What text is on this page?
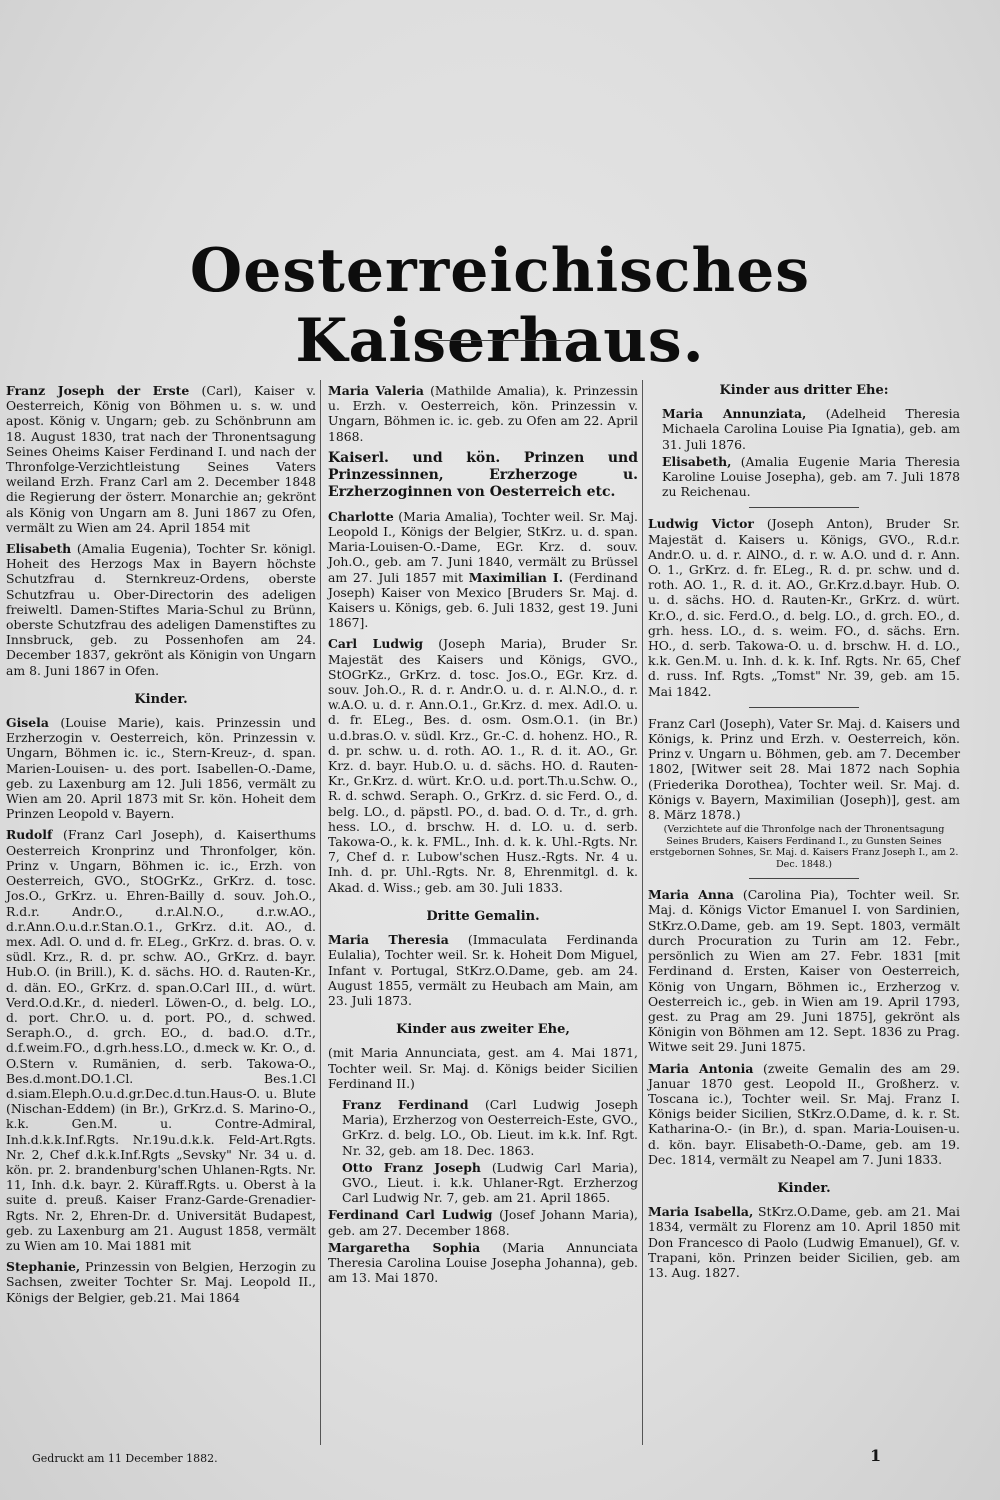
Oesterreichisches Kaiserhaus.
Franz Joseph der Erste (Carl), Kaiser v. Oesterreich, König von Böhmen u. s. w. und apost. König v. Ungarn; geb. zu Schönbrunn am 18. August 1830, trat nach der Thronentsagung Seines Oheims Kaiser Ferdinand I. und nach der Thronfolge-Verzichtleistung Seines Vaters weiland Erzh. Franz Carl am 2. December 1848 die Regierung der österr. Monarchie an; gekrönt als König von Ungarn am 8. Juni 1867 zu Ofen, vermält zu Wien am 24. April 1854 mit
Elisabeth (Amalia Eugenia), Tochter Sr. königl. Hoheit des Herzogs Max in Bayern höchste Schutzfrau d. Sternkreuz-Ordens, oberste Schutzfrau u. Ober-Directorin des adeligen freiweltl. Damen-Stiftes Maria-Schul zu Brünn, oberste Schutzfrau des adeligen Damenstiftes zu Innsbruck, geb. zu Possenhofen am 24. December 1837, gekrönt als Königin von Ungarn am 8. Juni 1867 in Ofen.
Kinder.
Gisela (Louise Marie), kais. Prinzessin und Erzherzogin v. Oesterreich, kön. Prinzessin v. Ungarn, Böhmen ic. ic., Stern-Kreuz-, d. span. Marien-Louisen- u. des port. Isabellen-O.-Dame, geb. zu Laxenburg am 12. Juli 1856, vermält zu Wien am 20. April 1873 mit Sr. kön. Hoheit dem Prinzen Leopold v. Bayern.
Rudolf (Franz Carl Joseph), d. Kaiserthums Oesterreich Kronprinz und Thronfolger, kön. Prinz v. Ungarn, Böhmen ic. ic., Erzh. von Oesterreich, GVO., StOGrKz., GrKrz. d. tosc. Jos.O., GrKrz. u. Ehren-Bailly d. souv. Joh.O., R.d.r. Andr.O., d.r.Al.N.O., d.r.w.AO., d.r.Ann.O.u.d.r.Stan.O.1., GrKrz. d.it. AO., d. mex. Adl. O. und d. fr. ELeg., GrKrz. d. bras. O. v. südl. Krz., R. d. pr. schw. AO., GrKrz. d. bayr. Hub.O. (in Brill.), K. d. sächs. HO. d. Rauten-Kr., d. dän. EO., GrKrz. d. span.O.Carl III., d. würt. Verd.O.d.Kr., d. niederl. Löwen-O., d. belg. LO., d. port. Chr.O. u. d. port. PO., d. schwed. Seraph.O., d. grch. EO., d. bad.O. d.Tr., d.f.weim.FO., d.grh.hess.LO., d.meck w. Kr. O., d. O.Stern v. Rumänien, d. serb. Takowa-O., Bes.d.mont.DO.1.Cl. Bes.1.Cl d.siam.Eleph.O.u.d.gr.Dec.d.tun.Haus-O. u. Blute (Nischan-Eddem) (in Br.), GrKrz.d. S. Marino-O., k.k. Gen.M. u. Contre-Admiral, Inh.d.k.k.Inf.Rgts. Nr.19u.d.k.k. Feld-Art.Rgts. Nr. 2, Chef d.k.k.Inf.Rgts „Sevsky" Nr. 34 u. d. kön. pr. 2. brandenburg'schen Uhlanen-Rgts. Nr. 11, Inh. d.k. bayr. 2. Küraff.Rgts. u. Oberst à la suite d. preuß. Kaiser Franz-Garde-Grenadier-Rgts. Nr. 2, Ehren-Dr. d. Universität Budapest, geb. zu Laxenburg am 21. August 1858, vermält zu Wien am 10. Mai 1881 mit
Stephanie, Prinzessin von Belgien, Herzogin zu Sachsen, zweiter Tochter Sr. Maj. Leopold II., Königs der Belgier, geb.21. Mai 1864
Maria Valeria (Mathilde Amalia), k. Prinzessin u. Erzh. v. Oesterreich, kön. Prinzessin v. Ungarn, Böhmen ic. ic. geb. zu Ofen am 22. April 1868.
Kaiserl. und kön. Prinzen und Prinzessinnen, Erzherzoge u. Erzherzoginnen von Oesterreich etc.
Charlotte (Maria Amalia), Tochter weil. Sr. Maj. Leopold I., Königs der Belgier, StKrz. u. d. span. Maria-Louisen-O.-Dame, EGr. Krz. d. souv. Joh.O., geb. am 7. Juni 1840, vermält zu Brüssel am 27. Juli 1857 mit Maximilian I. (Ferdinand Joseph) Kaiser von Mexico [Bruders Sr. Maj. d. Kaisers u. Königs, geb. 6. Juli 1832, gest 19. Juni 1867].
Carl Ludwig (Joseph Maria), Bruder Sr. Majestät des Kaisers und Königs, GVO., StOGrKz., GrKrz. d. tosc. Jos.O., EGr. Krz. d. souv. Joh.O., R. d. r. Andr.O. u. d. r. Al.N.O., d. r. w.A.O. u. d. r. Ann.O.1., Gr.Krz. d. mex. Adl.O. u. d. fr. ELeg., Bes. d. osm. Osm.O.1. (in Br.) u.d.bras.O. v. südl. Krz., Gr.-C. d. hohenz. HO., R. d. pr. schw. u. d. roth. AO. 1., R. d. it. AO., Gr. Krz. d. bayr. Hub.O. u. d. sächs. HO. d. Rauten-Kr., Gr.Krz. d. würt. Kr.O. u.d. port.Th.u.Schw. O., R. d. schwd. Seraph. O., GrKrz. d. sic Ferd. O., d. belg. LO., d. päpstl. PO., d. bad. O. d. Tr., d. grh. hess. LO., d. brschw. H. d. LO. u. d. serb. Takowa-O., k. k. FML., Inh. d. k. k. Uhl.-Rgts. Nr. 7, Chef d. r. Lubow'schen Husz.-Rgts. Nr. 4 u. Inh. d. pr. Uhl.-Rgts. Nr. 8, Ehrenmitgl. d. k. Akad. d. Wiss.; geb. am 30. Juli 1833.
Dritte Gemalin.
Maria Theresia (Immaculata Ferdinanda Eulalia), Tochter weil. Sr. k. Hoheit Dom Miguel, Infant v. Portugal, StKrz.O.Dame, geb. am 24. August 1855, vermält zu Heubach am Main, am 23. Juli 1873.
Kinder aus zweiter Ehe,
(mit Maria Annunciata, gest. am 4. Mai 1871, Tochter weil. Sr. Maj. d. Königs beider Sicilien Ferdinand II.)
Franz Ferdinand (Carl Ludwig Joseph Maria), Erzherzog von Oesterreich-Este, GVO., GrKrz. d. belg. LO., Ob. Lieut. im k.k. Inf. Rgt. Nr. 32, geb. am 18. Dec. 1863.
Otto Franz Joseph (Ludwig Carl Maria), GVO., Lieut. i. k.k. Uhlaner-Rgt. Erzherzog Carl Ludwig Nr. 7, geb. am 21. April 1865.
Ferdinand Carl Ludwig (Josef Johann Maria), geb. am 27. December 1868.
Margaretha Sophia (Maria Annunciata Theresia Carolina Louise Josepha Johanna), geb. am 13. Mai 1870.
Kinder aus dritter Ehe:
Maria Annunziata, (Adelheid Theresia Michaela Carolina Louise Pia Ignatia), geb. am 31. Juli 1876.
Elisabeth, (Amalia Eugenie Maria Theresia Karoline Louise Josepha), geb. am 7. Juli 1878 zu Reichenau.
Ludwig Victor (Joseph Anton), Bruder Sr. Majestät d. Kaisers u. Königs, GVO., R.d.r. Andr.O. u. d. r. AlNO., d. r. w. A.O. und d. r. Ann. O. 1., GrKrz. d. fr. ELeg., R. d. pr. schw. und d. roth. AO. 1., R. d. it. AO., Gr.Krz.d.bayr. Hub. O. u. d. sächs. HO. d. Rauten-Kr., GrKrz. d. würt. Kr.O., d. sic. Ferd.O., d. belg. LO., d. grch. EO., d. grh. hess. LO., d. s. weim. FO., d. sächs. Ern. HO., d. serb. Takowa-O. u. d. brschw. H. d. LO., k.k. Gen.M. u. Inh. d. k. k. Inf. Rgts. Nr. 65, Chef d. russ. Inf. Rgts. „Tomst" Nr. 39, geb. am 15. Mai 1842.
Franz Carl (Joseph), Vater Sr. Maj. d. Kaisers und Königs, k. Prinz und Erzh. v. Oesterreich, kön. Prinz v. Ungarn u. Böhmen, geb. am 7. December 1802, [Witwer seit 28. Mai 1872 nach Sophia (Friederika Dorothea), Tochter weil. Sr. Maj. d. Königs v. Bayern, Maximilian (Joseph)], gest. am 8. März 1878.)
(Verzichtete auf die Thronfolge nach der Thronentsagung Seines Bruders, Kaisers Ferdinand I., zu Gunsten Seines erstgebornen Sohnes, Sr. Maj. d. Kaisers Franz Joseph I., am 2. Dec. 1848.)
Maria Anna (Carolina Pia), Tochter weil. Sr. Maj. d. Königs Victor Emanuel I. von Sardinien, StKrz.O.Dame, geb. am 19. Sept. 1803, vermält durch Procuration zu Turin am 12. Febr., persönlich zu Wien am 27. Febr. 1831 [mit Ferdinand d. Ersten, Kaiser von Oesterreich, König von Ungarn, Böhmen ic., Erzherzog v. Oesterreich ic., geb. in Wien am 19. April 1793, gest. zu Prag am 29. Juni 1875], gekrönt als Königin von Böhmen am 12. Sept. 1836 zu Prag. Witwe seit 29. Juni 1875.
Maria Antonia (zweite Gemalin des am 29. Januar 1870 gest. Leopold II., Großherz. v. Toscana ic.), Tochter weil. Sr. Maj. Franz I. Königs beider Sicilien, StKrz.O.Dame, d. k. r. St. Katharina-O.- (in Br.), d. span. Maria-Louisen-u. d. kön. bayr. Elisabeth-O.-Dame, geb. am 19. Dec. 1814, vermält zu Neapel am 7. Juni 1833.
Kinder.
Maria Isabella, StKrz.O.Dame, geb. am 21. Mai 1834, vermält zu Florenz am 10. April 1850 mit Don Francesco di Paolo (Ludwig Emanuel), Gf. v. Trapani, kön. Prinzen beider Sicilien, geb. am 13. Aug. 1827.
Gedruckt am 11 December 1882.	1
